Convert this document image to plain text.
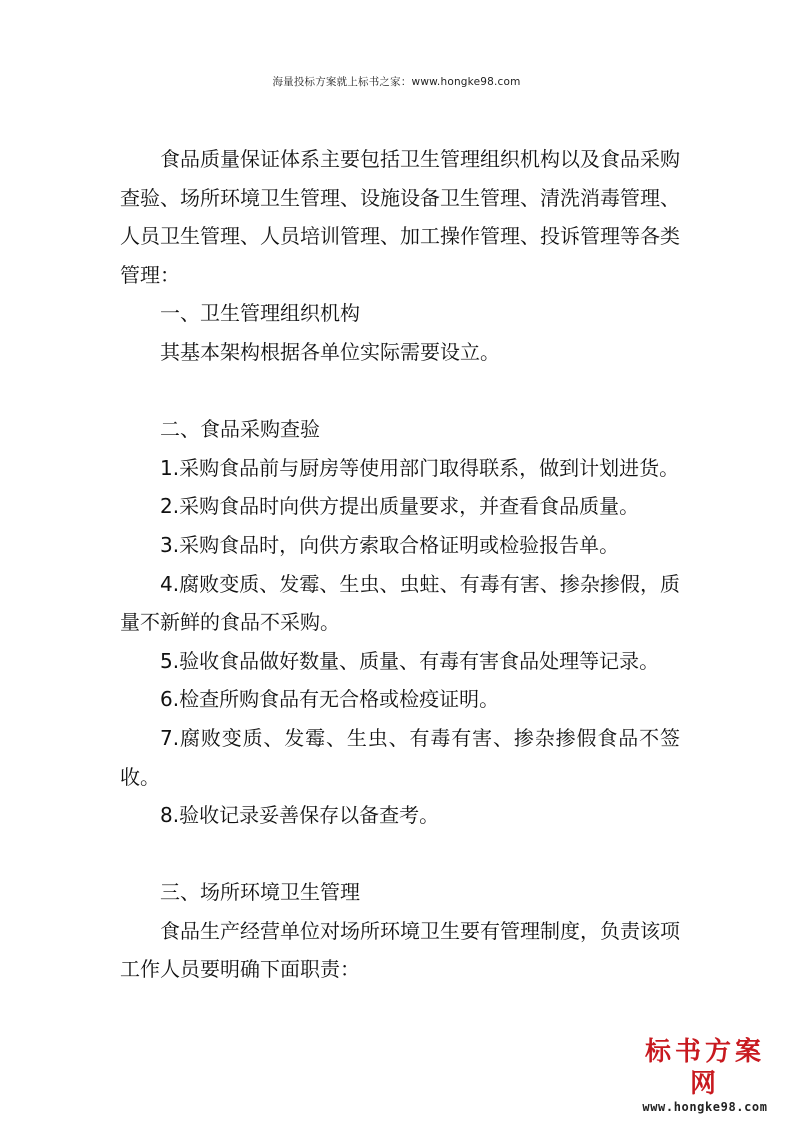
海量投标方案就上标书之家：www.hongke98.com

食品质量保证体系主要包括卫生管理组织机构以及食品采购查验、场所环境卫生管理、设施设备卫生管理、清洗消毒管理、人员卫生管理、人员培训管理、加工操作管理、投诉管理等各类管理：

一、卫生管理组织机构

其基本架构根据各单位实际需要设立。

二、食品采购查验

1.采购食品前与厨房等使用部门取得联系，做到计划进货。

2.采购食品时向供方提出质量要求，并查看食品质量。

3.采购食品时，向供方索取合格证明或检验报告单。

4.腐败变质、发霉、生虫、虫蛀、有毒有害、掺杂掺假，质量不新鲜的食品不采购。

5.验收食品做好数量、质量、有毒有害食品处理等记录。

6.检查所购食品有无合格或检疫证明。

7.腐败变质、发霉、生虫、有毒有害、掺杂掺假食品不签收。

8.验收记录妥善保存以备查考。

三、场所环境卫生管理

食品生产经营单位对场所环境卫生要有管理制度，负责该项工作人员要明确下面职责：

标书方案网
www.hongke98.com
